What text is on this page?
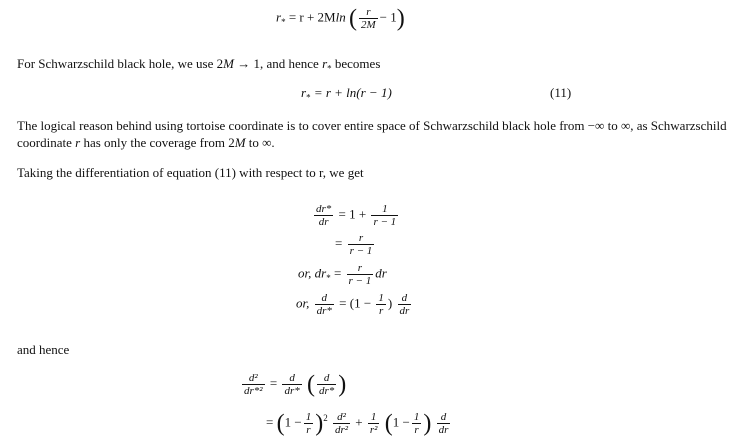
$r_* = r + 2Mln$ ( $\frac{r}{2M} - 1$)
For Schwarzschild black hole, we use 2M → 1, and hence $r_*$ becomes
$r_* = r + \ln(r - 1)$	(11)
The logical reason behind using tortoise coordinate is to cover entire space of Schwarzschild black hole from −∞ to ∞, as Schwarzschild
coordinate r has only the coverage from 2M to ∞.
Taking the differentiation of equation (11) with respect to r, we get
$\frac{dr*}{dr} = 1 + \frac{1}{r - 1}$
= $\frac{r}{r - 1}$
or, $dr_* = \frac{r}{r - 1}$ dr
or, $\frac{d}{dr*} = (1 - \frac{1}{r}$ ) $\frac{d}{dr}$
and hence
$\frac{\text{d²}}{\text{dr*²}} = \frac{d}{dr*}$ ( $\frac{d}{dr*}$ )
= $(1 - \frac{1}{r} )^2 \frac{\text{d²}}{\text{dr²}} + \frac{1}{\text{r²}} (1 - \frac{1}{r}$ ) $\frac{d}{dr}$
